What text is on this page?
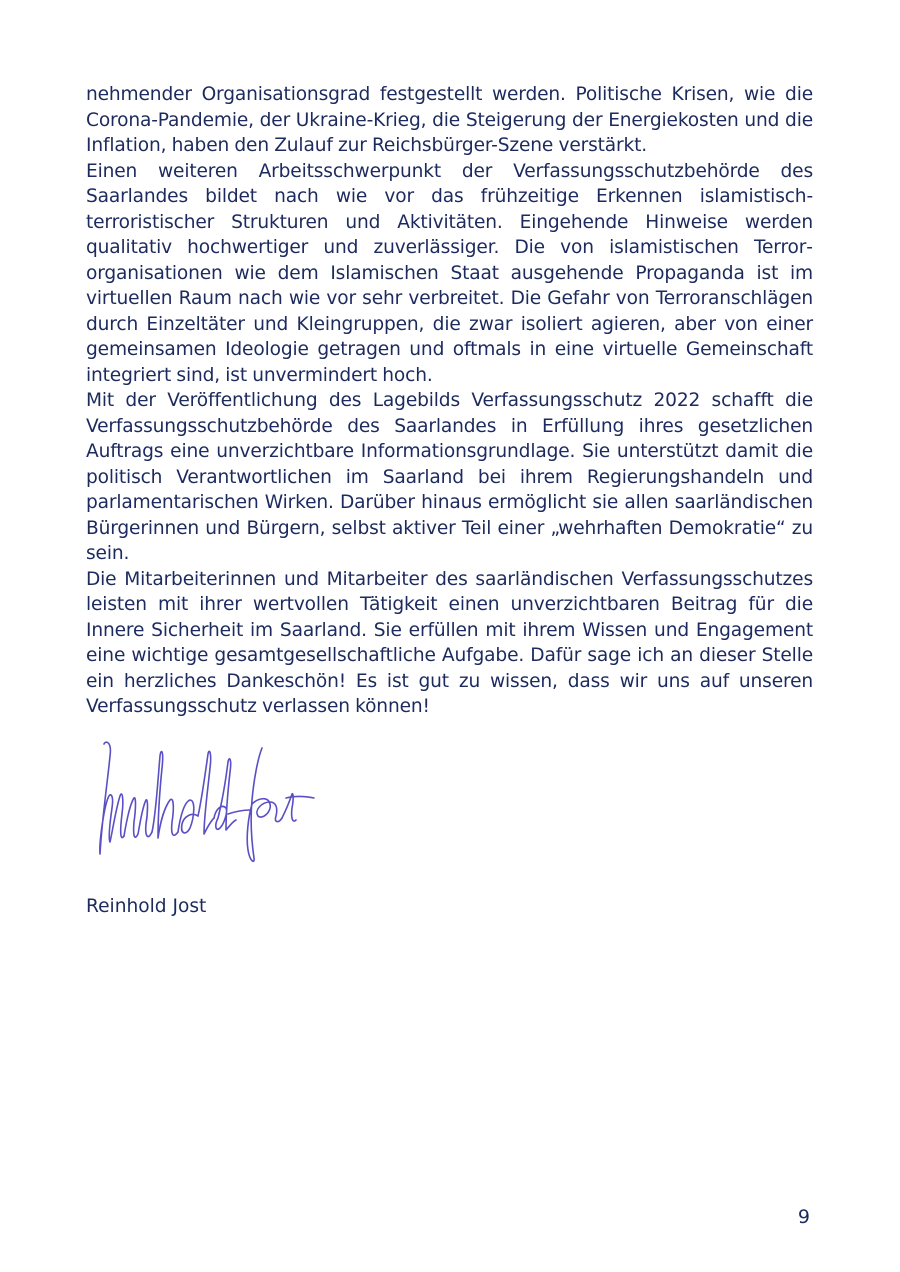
nehmender Organisationsgrad festgestellt werden. Politische Krisen, wie die Corona-Pandemie, der Ukraine-Krieg, die Steigerung der Energiekosten und die Inflation, haben den Zulauf zur Reichsbürger-Szene verstärkt.

Einen weiteren Arbeitsschwerpunkt der Verfassungsschutzbehörde des Saarlandes bildet nach wie vor das frühzeitige Erkennen islamistisch-terroristischer Strukturen und Aktivitäten. Eingehende Hinweise werden qualitativ hochwertiger und zuverlässiger. Die von islamistischen Terrororganisationen wie dem Islamischen Staat ausgehende Propaganda ist im virtuellen Raum nach wie vor sehr verbreitet. Die Gefahr von Terroranschlägen durch Einzeltäter und Kleingruppen, die zwar isoliert agieren, aber von einer gemeinsamen Ideologie getragen und oftmals in eine virtuelle Gemeinschaft integriert sind, ist unvermindert hoch.

Mit der Veröffentlichung des Lagebilds Verfassungsschutz 2022 schafft die Verfassungsschutzbehörde des Saarlandes in Erfüllung ihres gesetzlichen Auftrags eine unverzichtbare Informationsgrundlage. Sie unterstützt damit die politisch Verantwortlichen im Saarland bei ihrem Regierungshandeln und parlamentarischen Wirken. Darüber hinaus ermöglicht sie allen saarländischen Bürgerinnen und Bürgern, selbst aktiver Teil einer „wehrhaften Demokratie“ zu sein.

Die Mitarbeiterinnen und Mitarbeiter des saarländischen Verfassungsschutzes leisten mit ihrer wertvollen Tätigkeit einen unverzichtbaren Beitrag für die Innere Sicherheit im Saarland. Sie erfüllen mit ihrem Wissen und Engagement eine wichtige gesamtgesellschaftliche Aufgabe. Dafür sage ich an dieser Stelle ein herzliches Dankeschön! Es ist gut zu wissen, dass wir uns auf unseren Verfassungsschutz verlassen können!

Reinhold Jost
9
